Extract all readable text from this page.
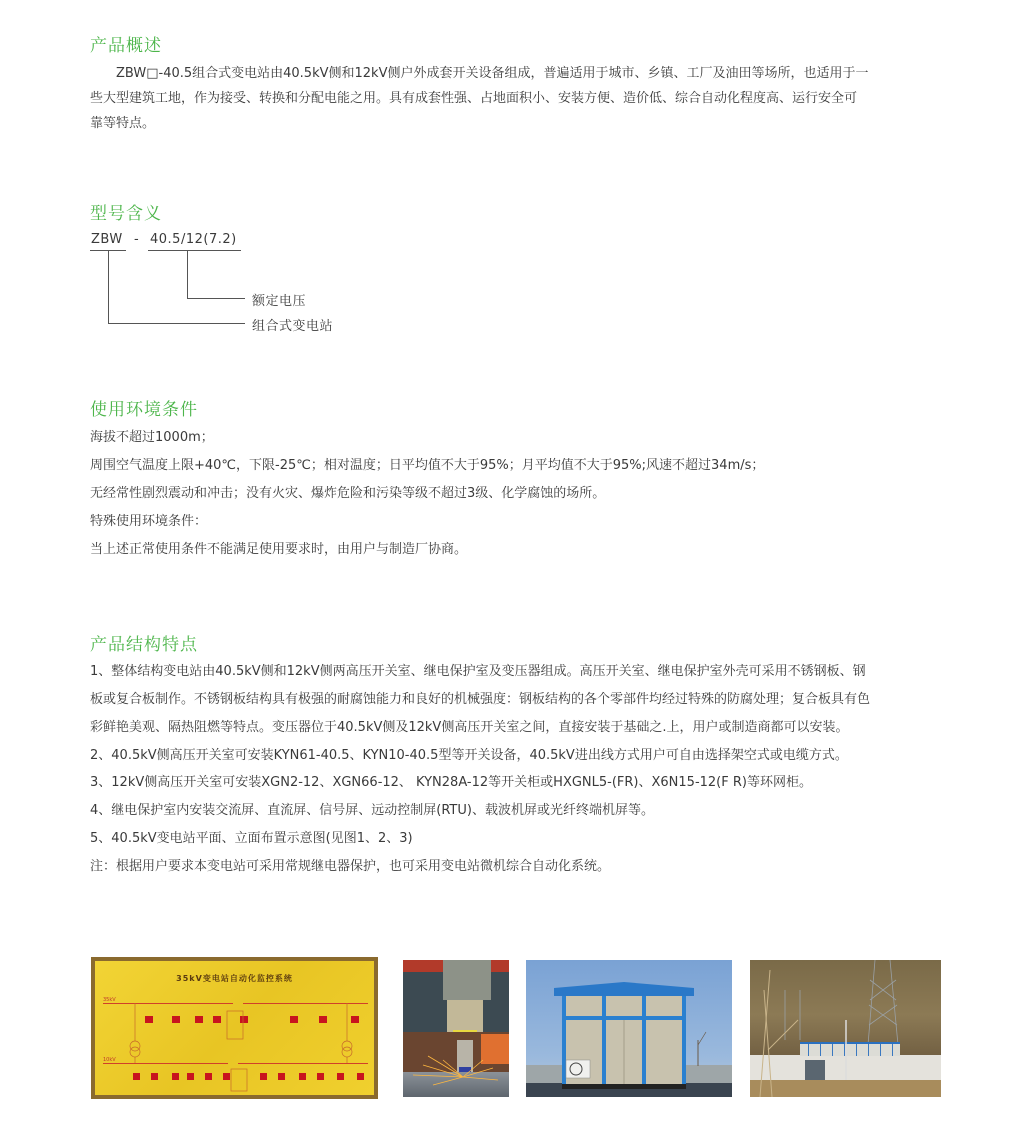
产品概述
ZBW□-40.5组合式变电站由40.5kV侧和12kV侧户外成套开关设备组成，普遍适用于城市、乡镇、工厂及油田等场所，也适用于一
些大型建筑工地，作为接受、转换和分配电能之用。具有成套性强、占地面积小、安装方便、造价低、综合自动化程度高、运行安全可
靠等特点。
型号含义
ZBW - 40.5/12(7.2)
额定电压
组合式变电站
使用环境条件

海拔不超过1000m；

周围空气温度上限+40℃，下限-25℃；相对温度；日平均值不大于95%；月平均值不大于95%;风速不超过34m/s；

无经常性剧烈震动和冲击；没有火灾、爆炸危险和污染等级不超过3级、化学腐蚀的场所。

特殊使用环境条件：

当上述正常使用条件不能满足使用要求时，由用户与制造厂协商。

产品结构特点

1、整体结构变电站由40.5kV侧和12kV侧两高压开关室、继电保护室及变压器组成。高压开关室、继电保护室外壳可采用不锈钢板、钢

板或复合板制作。不锈钢板结构具有极强的耐腐蚀能力和良好的机械强度：钢板结构的各个零部件均经过特殊的防腐处理；复合板具有色

彩鲜艳美观、隔热阻燃等特点。变压器位于40.5kV侧及12kV侧高压开关室之间，直接安装于基础之.上，用户或制造商都可以安装。

2、40.5kV侧高压开关室可安装KYN61-40.5、KYN10-40.5型等开关设备，40.5kV进出线方式用户可自由选择架空式或电缆方式。

3、12kV侧高压开关室可安装XGN2-12、XGN66-12、 KYN28A-12等开关柜或HXGNL5-(FR)、X6N15-12(F R)等环网柜。

4、继电保护室内安装交流屏、直流屏、信号屏、远动控制屏(RTU)、载波机屏或光纤终端机屏等。

5、40.5kV变电站平面、立面布置示意图(见图1、2、3)

注：根据用户要求本变电站可采用常规继电器保护，也可采用变电站微机综合自动化系统。

35kV变电站自动化监控系统
35kV
10kV
